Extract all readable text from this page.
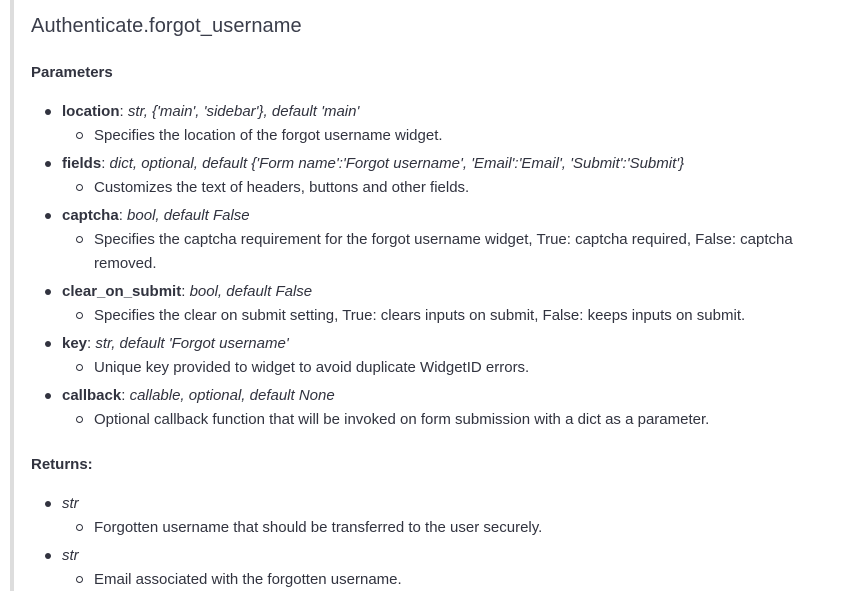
Authenticate.forgot_username
Parameters
location: str, {'main', 'sidebar'}, default 'main'
Specifies the location of the forgot username widget.
fields: dict, optional, default {'Form name':'Forgot username', 'Email':'Email', 'Submit':'Submit'}
Customizes the text of headers, buttons and other fields.
captcha: bool, default False
Specifies the captcha requirement for the forgot username widget, True: captcha required, False: captcha removed.
clear_on_submit: bool, default False
Specifies the clear on submit setting, True: clears inputs on submit, False: keeps inputs on submit.
key: str, default 'Forgot username'
Unique key provided to widget to avoid duplicate WidgetID errors.
callback: callable, optional, default None
Optional callback function that will be invoked on form submission with a dict as a parameter.
Returns:
str
Forgotten username that should be transferred to the user securely.
str
Email associated with the forgotten username.
